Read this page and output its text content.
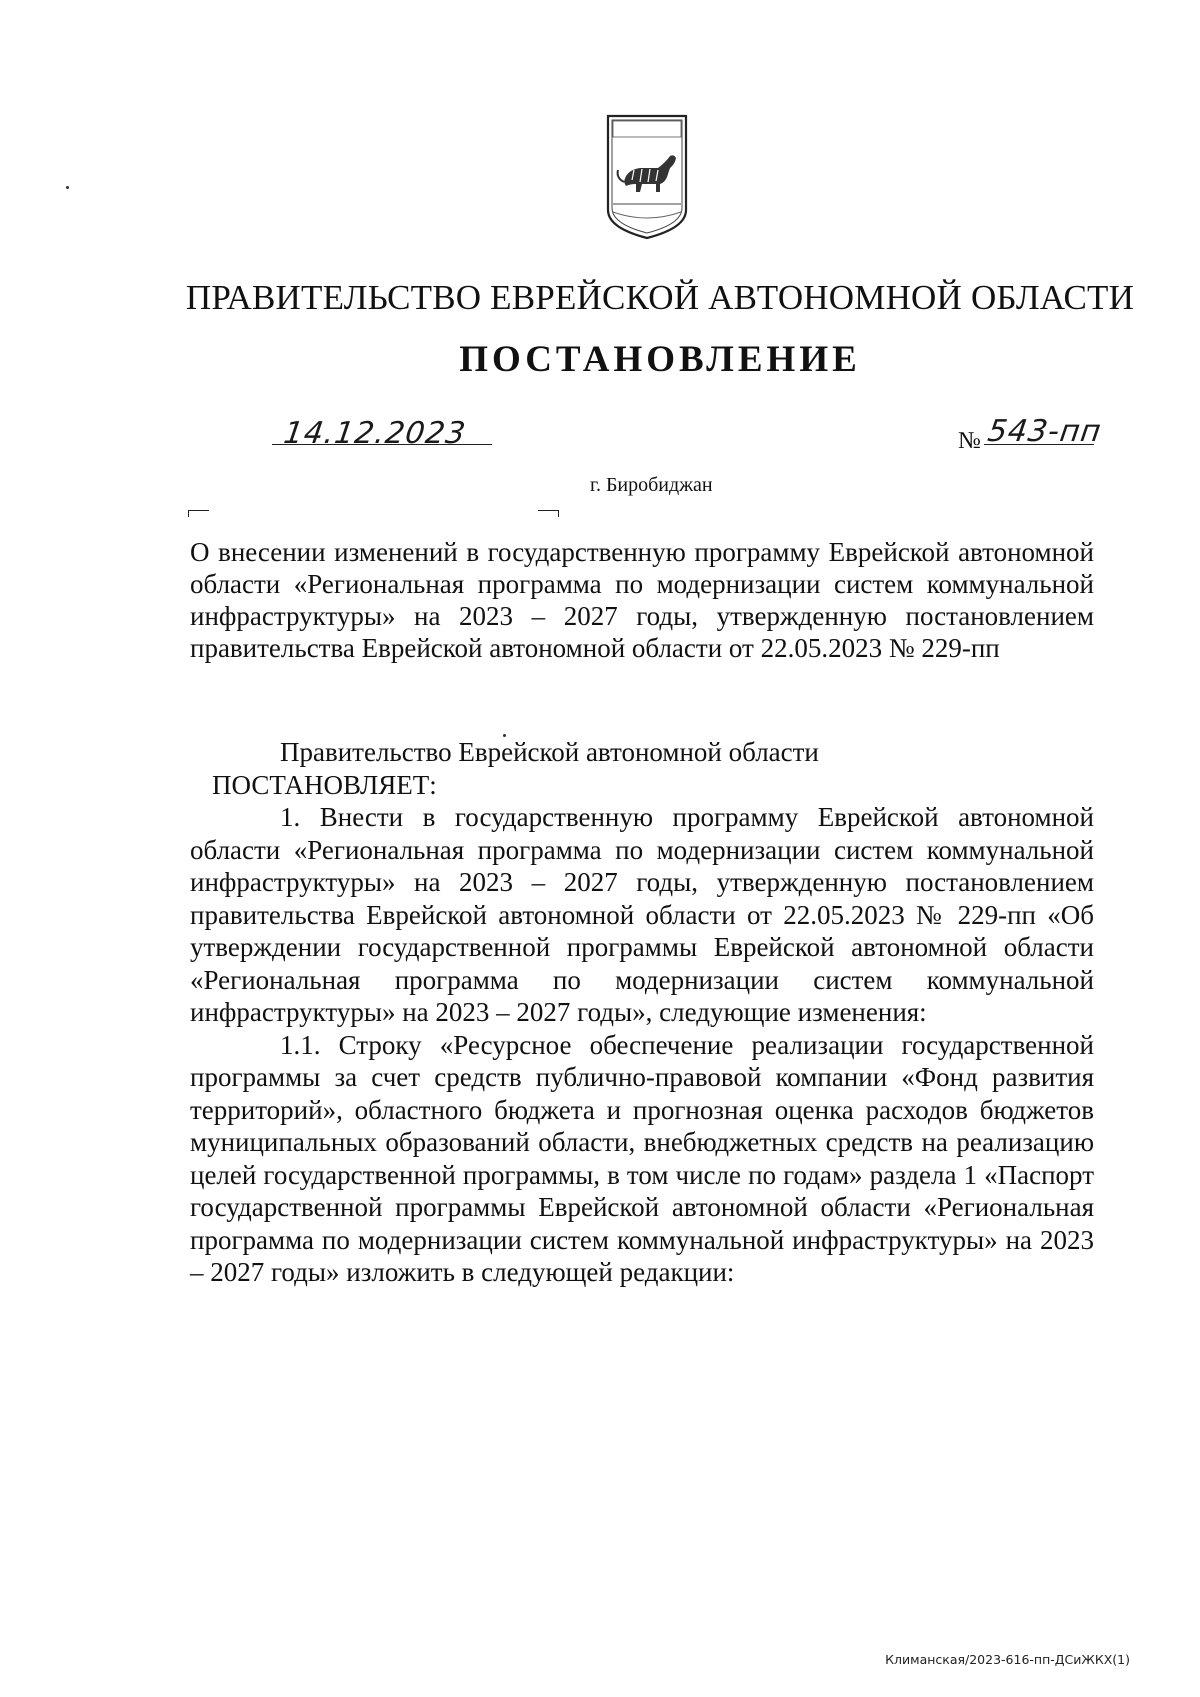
ПРАВИТЕЛЬСТВО ЕВРЕЙСКОЙ АВТОНОМНОЙ ОБЛАСТИ
ПОСТАНОВЛЕНИЕ
14.12.2023	№ 543-пп
г. Биробиджан

О внесении изменений в государственную программу Еврейской автономной области «Региональная программа по модернизации систем коммунальной инфраструктуры» на 2023 – 2027 годы, утвержденную постановлением правительства Еврейской автономной области от 22.05.2023 № 229-пп

Правительство Еврейской автономной области

ПОСТАНОВЛЯЕТ:

1. Внести в государственную программу Еврейской автономной области «Региональная программа по модернизации систем коммунальной инфраструктуры» на 2023 – 2027 годы, утвержденную постановлением правительства Еврейской автономной области от 22.05.2023 № 229-пп «Об утверждении государственной программы Еврейской автономной области «Региональная программа по модернизации систем коммунальной инфраструктуры» на 2023 – 2027 годы», следующие изменения:

1.1. Строку «Ресурсное обеспечение реализации государственной программы за счет средств публично-правовой компании «Фонд развития территорий», областного бюджета и прогнозная оценка расходов бюджетов муниципальных образований области, внебюджетных средств на реализацию целей государственной программы, в том числе по годам» раздела 1 «Паспорт государственной программы Еврейской автономной области «Региональная программа по модернизации систем коммунальной инфраструктуры» на 2023 – 2027 годы» изложить в следующей редакции:

Климанская/2023-616-пп-ДСиЖКХ(1)
